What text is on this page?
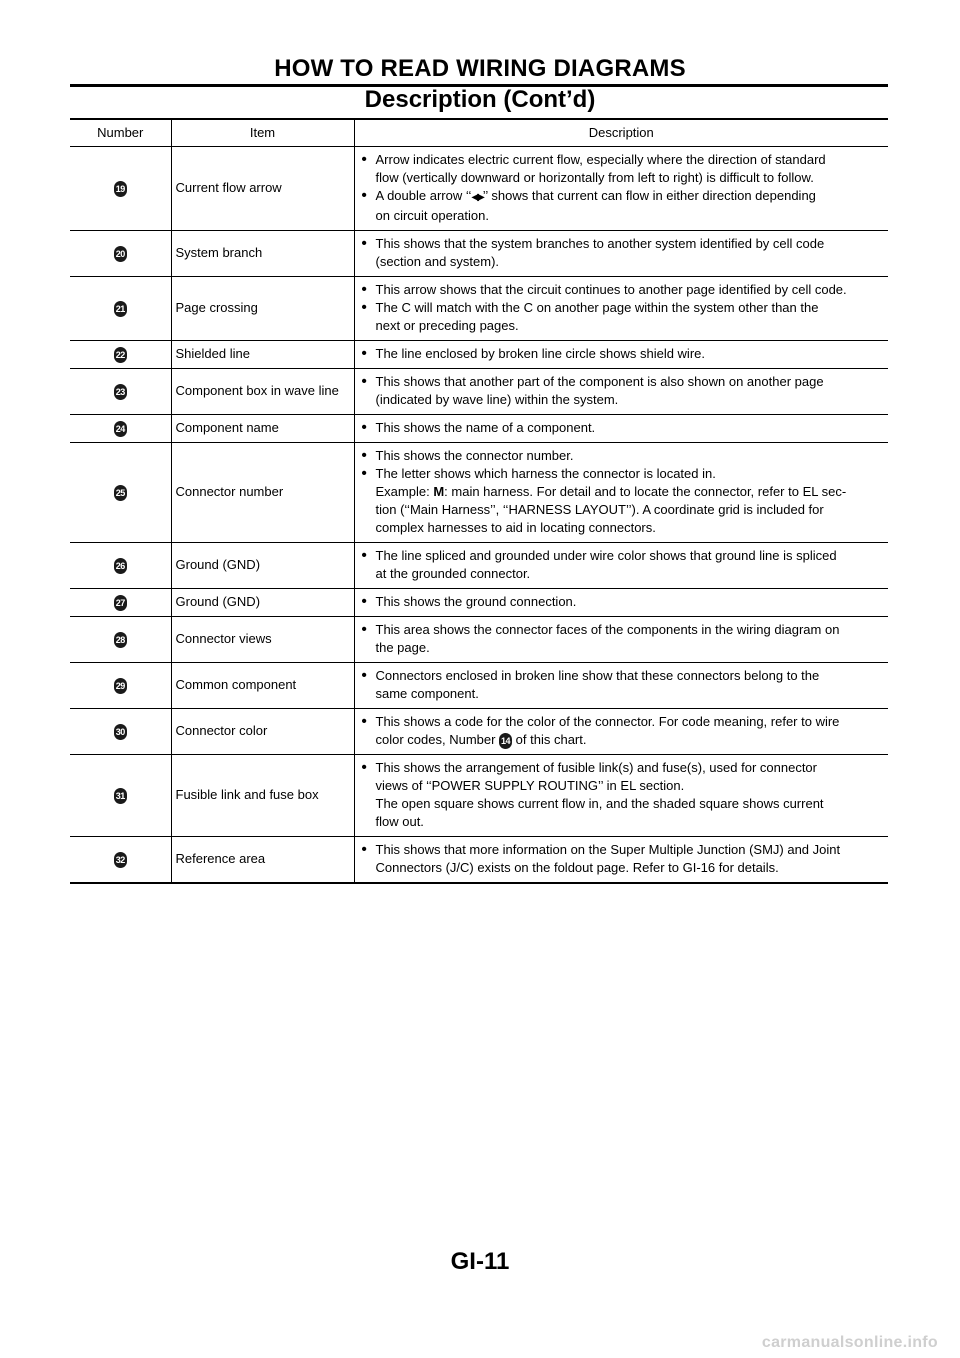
HOW TO READ WIRING DIAGRAMS
Description (Cont’d)
Number	Item	Description
19	Current flow arrow	• Arrow indicates electric current flow, especially where the direction of standard
flow (vertically downward or horizontally from left to right) is difficult to follow.
• A double arrow ‘‘◀▶’’ shows that current can flow in either direction depending
on circuit operation.

20	System branch	• This shows that the system branches to another system identified by cell code
(section and system).

21	Page crossing	• This arrow shows that the circuit continues to another page identified by cell code.
• The C will match with the C on another page within the system other than the
next or preceding pages.

22	Shielded line	• The line enclosed by broken line circle shows shield wire.

23	Component box in wave line	• This shows that another part of the component is also shown on another page
(indicated by wave line) within the system.

24	Component name	• This shows the name of a component.

25	Connector number	• This shows the connector number.
• The letter shows which harness the connector is located in.
Example: M: main harness. For detail and to locate the connector, refer to EL sec-
tion (‘‘Main Harness’’, ‘‘HARNESS LAYOUT’’). A coordinate grid is included for
complex harnesses to aid in locating connectors.

26	Ground (GND)	• The line spliced and grounded under wire color shows that ground line is spliced
at the grounded connector.

27	Ground (GND)	• This shows the ground connection.

28	Connector views	• This area shows the connector faces of the components in the wiring diagram on
the page.

29	Common component	• Connectors enclosed in broken line show that these connectors belong to the
same component.

30	Connector color	• This shows a code for the color of the connector. For code meaning, refer to wire
color codes, Number 14 of this chart.

31	Fusible link and fuse box	• This shows the arrangement of fusible link(s) and fuse(s), used for connector
views of ‘‘POWER SUPPLY ROUTING’’ in EL section.
The open square shows current flow in, and the shaded square shows current
flow out.

32	Reference area	• This shows that more information on the Super Multiple Junction (SMJ) and Joint
Connectors (J/C) exists on the foldout page. Refer to GI-16 for details.
GI-11
carmanualsonline.info
